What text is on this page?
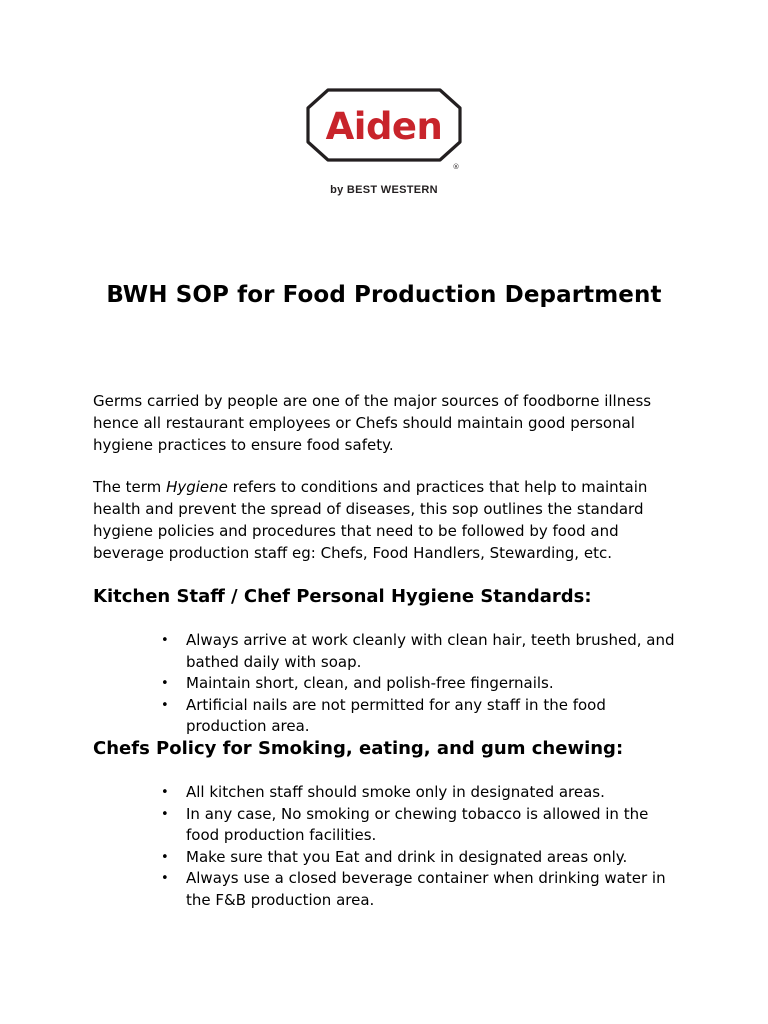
Aiden
®
by BEST WESTERN
BWH SOP for Food Production Department

Germs carried by people are one of the major sources of foodborne illness hence all restaurant employees or Chefs should maintain good personal hygiene practices to ensure food safety.

The term Hygiene refers to conditions and practices that help to maintain health and prevent the spread of diseases, this sop outlines the standard hygiene policies and procedures that need to be followed by food and beverage production staff eg: Chefs, Food Handlers, Stewarding, etc.

Kitchen Staff / Chef Personal Hygiene Standards:
• Always arrive at work cleanly with clean hair, teeth brushed, and bathed daily with soap.
• Maintain short, clean, and polish-free fingernails.
• Artificial nails are not permitted for any staff in the food production area.
Chefs Policy for Smoking, eating, and gum chewing:
• All kitchen staff should smoke only in designated areas.
• In any case, No smoking or chewing tobacco is allowed in the food production facilities.
• Make sure that you Eat and drink in designated areas only.
• Always use a closed beverage container when drinking water in the F&B production area.
